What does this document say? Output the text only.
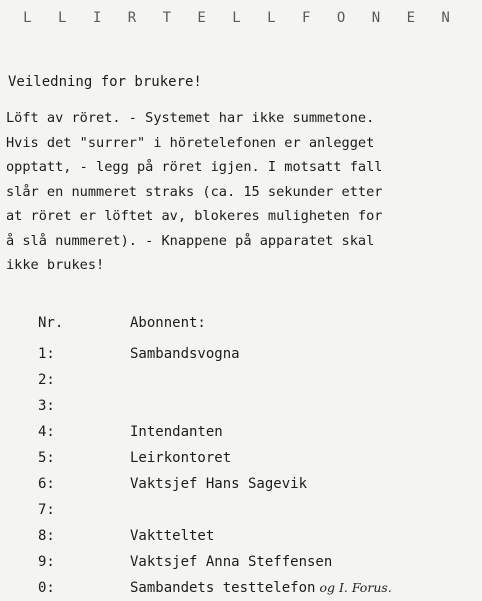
L L I R T E L L F O N E N
Veiledning for brukere!
Löft av röret. - Systemet har ikke summetone.
Hvis det "surrer" i höretelefonen er anlegget
opptatt, - legg på röret igjen. I motsatt fall
slår en nummeret straks (ca. 15 sekunder etter
at röret er löftet av, blokeres muligheten for
å slå nummeret). - Knappene på apparatet skal
ikke brukes!
Nr.	Abonnent:
1:	Sambandsvogna
2:
3:
4:	Intendanten
5:	Leirkontoret
6:	Vaktsjef Hans Sagevik
7:
8:	Vaktteltet
9:	Vaktsjef Anna Steffensen
0:	Sambandets testtelefon og I. Forus.
